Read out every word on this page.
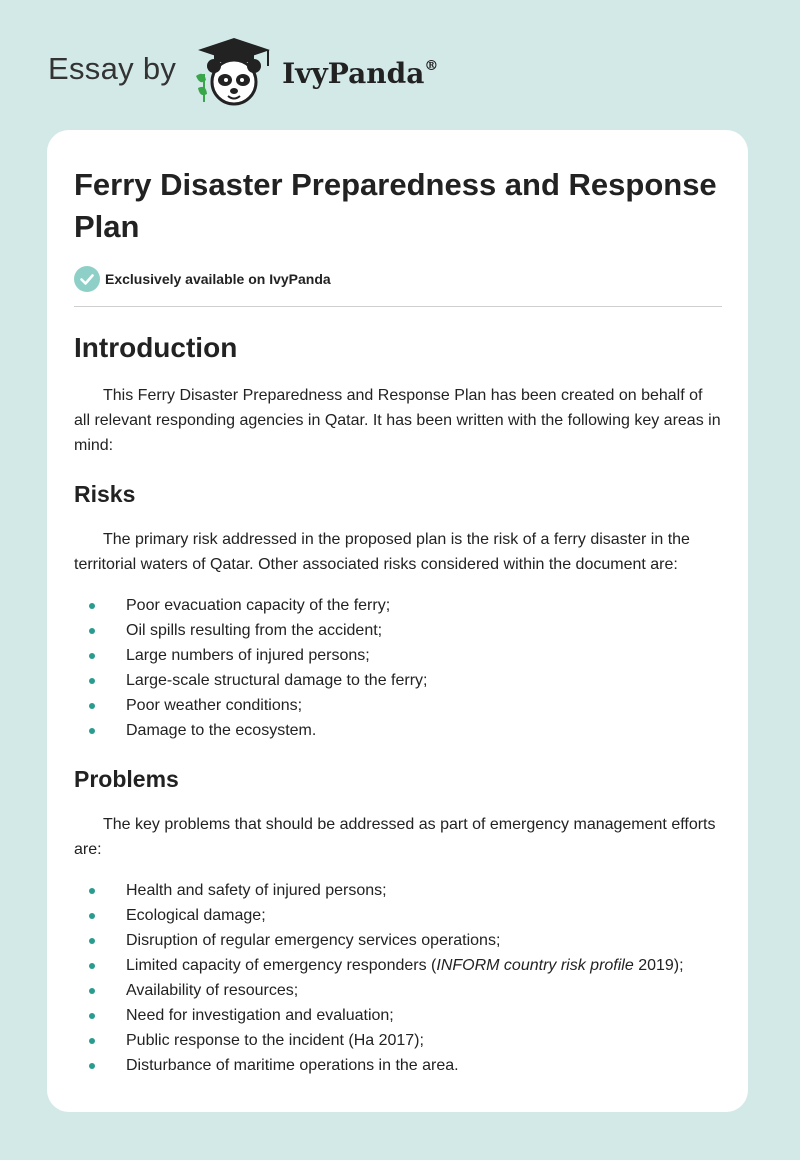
Essay by	IvyPanda®
Ferry Disaster Preparedness and Response Plan
Exclusively available on IvyPanda
Introduction

This Ferry Disaster Preparedness and Response Plan has been created on behalf of all relevant responding agencies in Qatar. It has been written with the following key areas in mind:

Risks

The primary risk addressed in the proposed plan is the risk of a ferry disaster in the territorial waters of Qatar. Other associated risks considered within the document are:

Poor evacuation capacity of the ferry;
Oil spills resulting from the accident;
Large numbers of injured persons;
Large-scale structural damage to the ferry;
Poor weather conditions;
Damage to the ecosystem.
Problems

The key problems that should be addressed as part of emergency management efforts are:

Health and safety of injured persons;
Ecological damage;
Disruption of regular emergency services operations;
Limited capacity of emergency responders (INFORM country risk profile 2019);
Availability of resources;
Need for investigation and evaluation;
Public response to the incident (Ha 2017);
Disturbance of maritime operations in the area.
